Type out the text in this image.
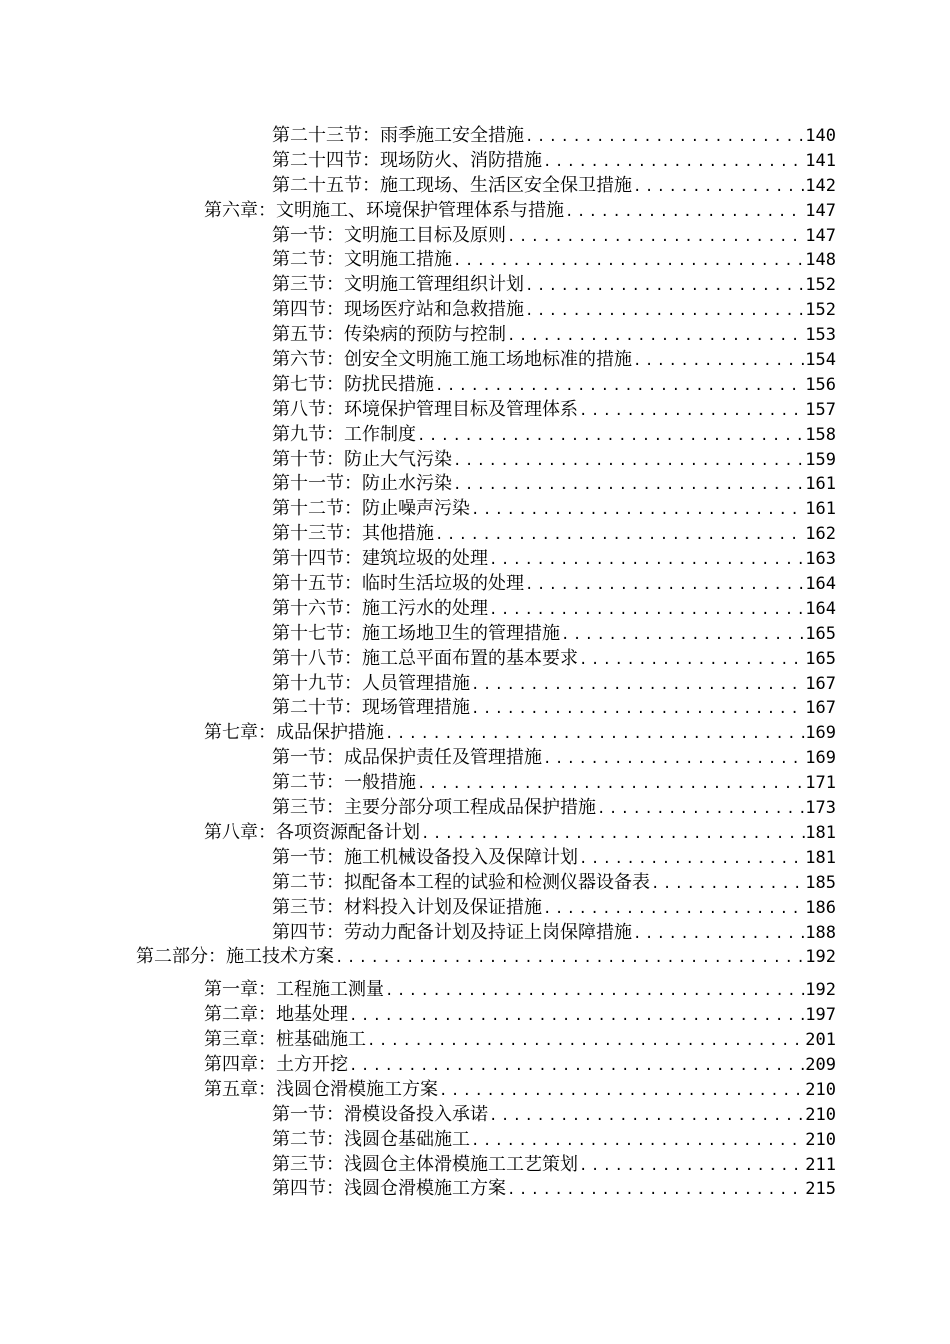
第二十三节：雨季施工安全措施 .....	140
第二十四节：现场防火、消防措施 .....	141
第二十五节：施工现场、生活区安全保卫措施 .....	142
第六章：文明施工、环境保护管理体系与措施 .....	147
第一节：文明施工目标及原则 .....	147
第二节：文明施工措施 .....	148
第三节：文明施工管理组织计划 .....	152
第四节：现场医疗站和急救措施 .....	152
第五节：传染病的预防与控制 .....	153
第六节：创安全文明施工施工场地标准的措施 .....	154
第七节：防扰民措施 .....	156
第八节：环境保护管理目标及管理体系 .....	157
第九节：工作制度 .....	158
第十节：防止大气污染 .....	159
第十一节：防止水污染 .....	161
第十二节：防止噪声污染 .....	161
第十三节：其他措施 .....	162
第十四节：建筑垃圾的处理 .....	163
第十五节：临时生活垃圾的处理 .....	164
第十六节：施工污水的处理 .....	164
第十七节：施工场地卫生的管理措施 .....	165
第十八节：施工总平面布置的基本要求 .....	165
第十九节：人员管理措施 .....	167
第二十节：现场管理措施 .....	167
第七章：成品保护措施 .....	169
第一节：成品保护责任及管理措施 .....	169
第二节：一般措施 .....	171
第三节：主要分部分项工程成品保护措施 .....	173
第八章：各项资源配备计划 .....	181
第一节：施工机械设备投入及保障计划 .....	181
第二节：拟配备本工程的试验和检测仪器设备表 .....	185
第三节：材料投入计划及保证措施 .....	186
第四节：劳动力配备计划及持证上岗保障措施 .....	188
第二部分：施工技术方案 .....	192
第一章：工程施工测量 .....	192
第二章：地基处理 .....	197
第三章：桩基础施工 .....	201
第四章：土方开挖 .....	209
第五章：浅圆仓滑模施工方案 .....	210
第一节：滑模设备投入承诺 .....	210
第二节：浅圆仓基础施工 .....	210
第三节：浅圆仓主体滑模施工工艺策划 .....	211
第四节：浅圆仓滑模施工方案 .....	215
